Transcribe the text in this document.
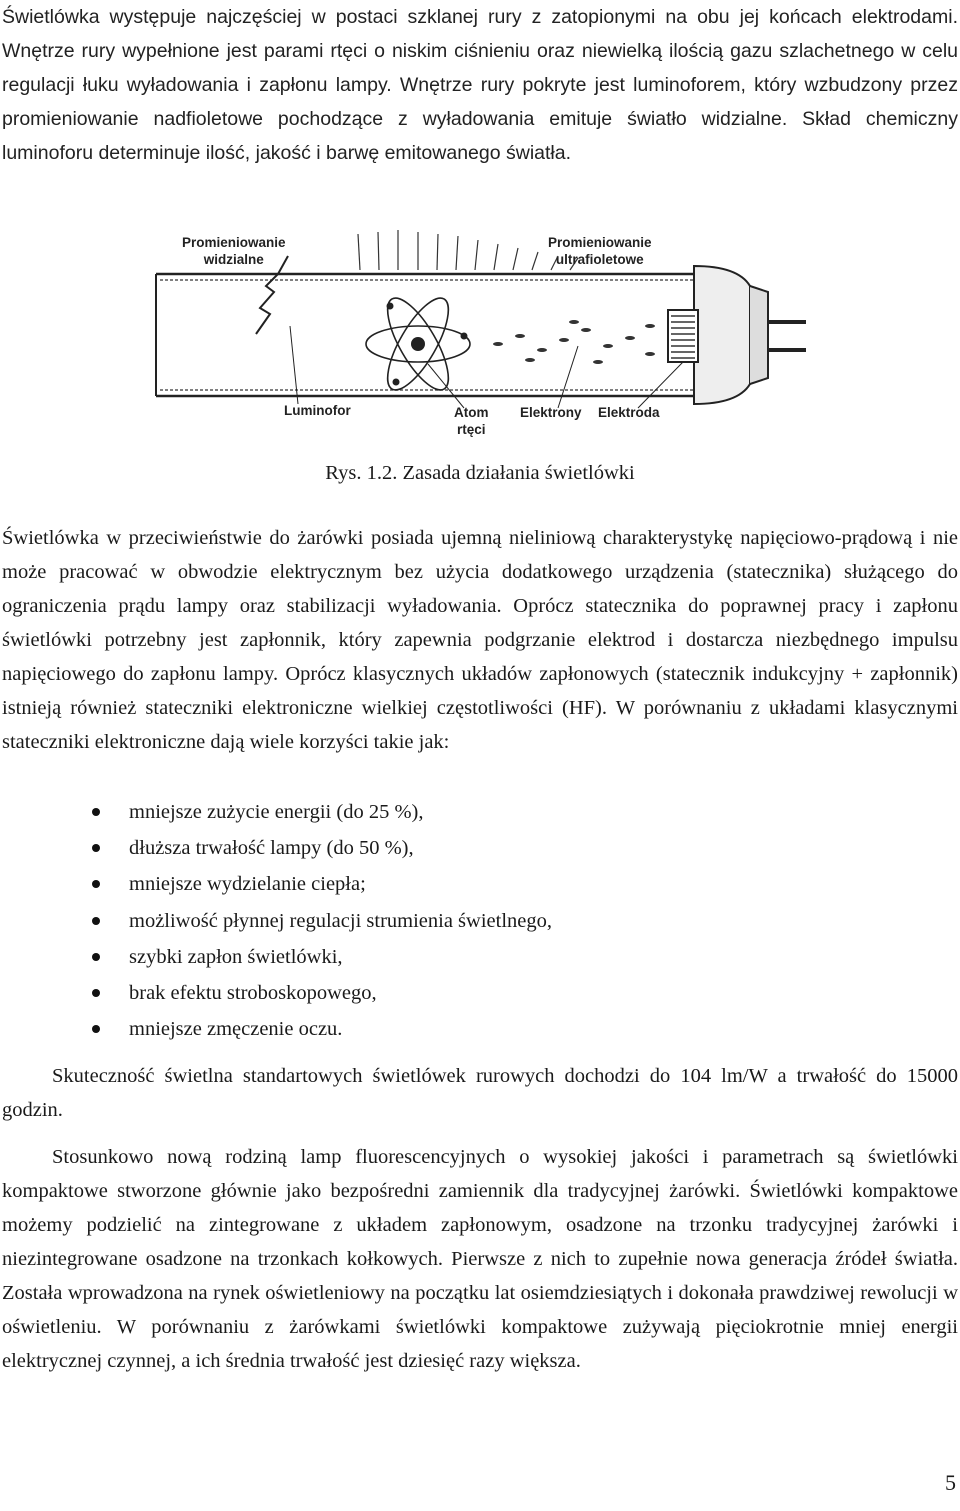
Świetlówka występuje najczęściej w postaci szklanej rury z zatopionymi na obu jej końcach elektrodami. Wnętrze rury wypełnione jest parami rtęci o niskim ciśnieniu oraz niewielką ilością gazu szlachetnego w celu regulacji łuku wyładowania i zapłonu lampy. Wnętrze rury pokryte jest luminoforem, który wzbudzony przez promieniowanie nadfioletowe pochodzące z wyładowania emituje światło widzialne. Skład chemiczny luminoforu determinuje ilość, jakość i barwę emitowanego światła.

Promieniowanie
widzialne
Promieniowanie
ultrafioletowe
Luminofor	Atom
rtęci
Elektrony Elektroda
Rys. 1.2. Zasada działania świetlówki

Świetlówka w przeciwieństwie do żarówki posiada ujemną nieliniową charakterystykę napięciowo-prądową i nie może pracować w obwodzie elektrycznym bez użycia dodatkowego urządzenia (statecznika) służącego do ograniczenia prądu lampy oraz stabilizacji wyładowania. Oprócz statecznika do poprawnej pracy i zapłonu świetlówki potrzebny jest zapłonnik, który zapewnia podgrzanie elektrod i dostarcza niezbędnego impulsu napięciowego do zapłonu lampy. Oprócz klasycznych układów zapłonowych (statecznik indukcyjny + zapłonnik) istnieją również stateczniki elektroniczne wielkiej częstotliwości (HF). W porównaniu z układami klasycznymi stateczniki elektroniczne dają wiele korzyści takie jak:

mniejsze zużycie energii (do 25 %),
dłuższa trwałość lampy (do 50 %),
mniejsze wydzielanie ciepła;
możliwość płynnej regulacji strumienia świetlnego,
szybki zapłon świetlówki,
brak efektu stroboskopowego,
mniejsze zmęczenie oczu.

Skuteczność świetlna standartowych świetlówek rurowych dochodzi do 104 lm/W a trwałość do 15000 godzin.

Stosunkowo nową rodziną lamp fluorescencyjnych o wysokiej jakości i parametrach są świetlówki kompaktowe stworzone głównie jako bezpośredni zamiennik dla tradycyjnej żarówki. Świetlówki kompaktowe możemy podzielić na zintegrowane z układem zapłonowym, osadzone na trzonku tradycyjnej żarówki i niezintegrowane osadzone na trzonkach kołkowych. Pierwsze z nich to zupełnie nowa generacja źródeł światła. Została wprowadzona na rynek oświetleniowy na początku lat osiemdziesiątych i dokonała prawdziwej rewolucji w oświetleniu. W porównaniu z żarówkami świetlówki kompaktowe zużywają pięciokrotnie mniej energii elektrycznej czynnej, a ich średnia trwałość jest dziesięć razy większa.

5
